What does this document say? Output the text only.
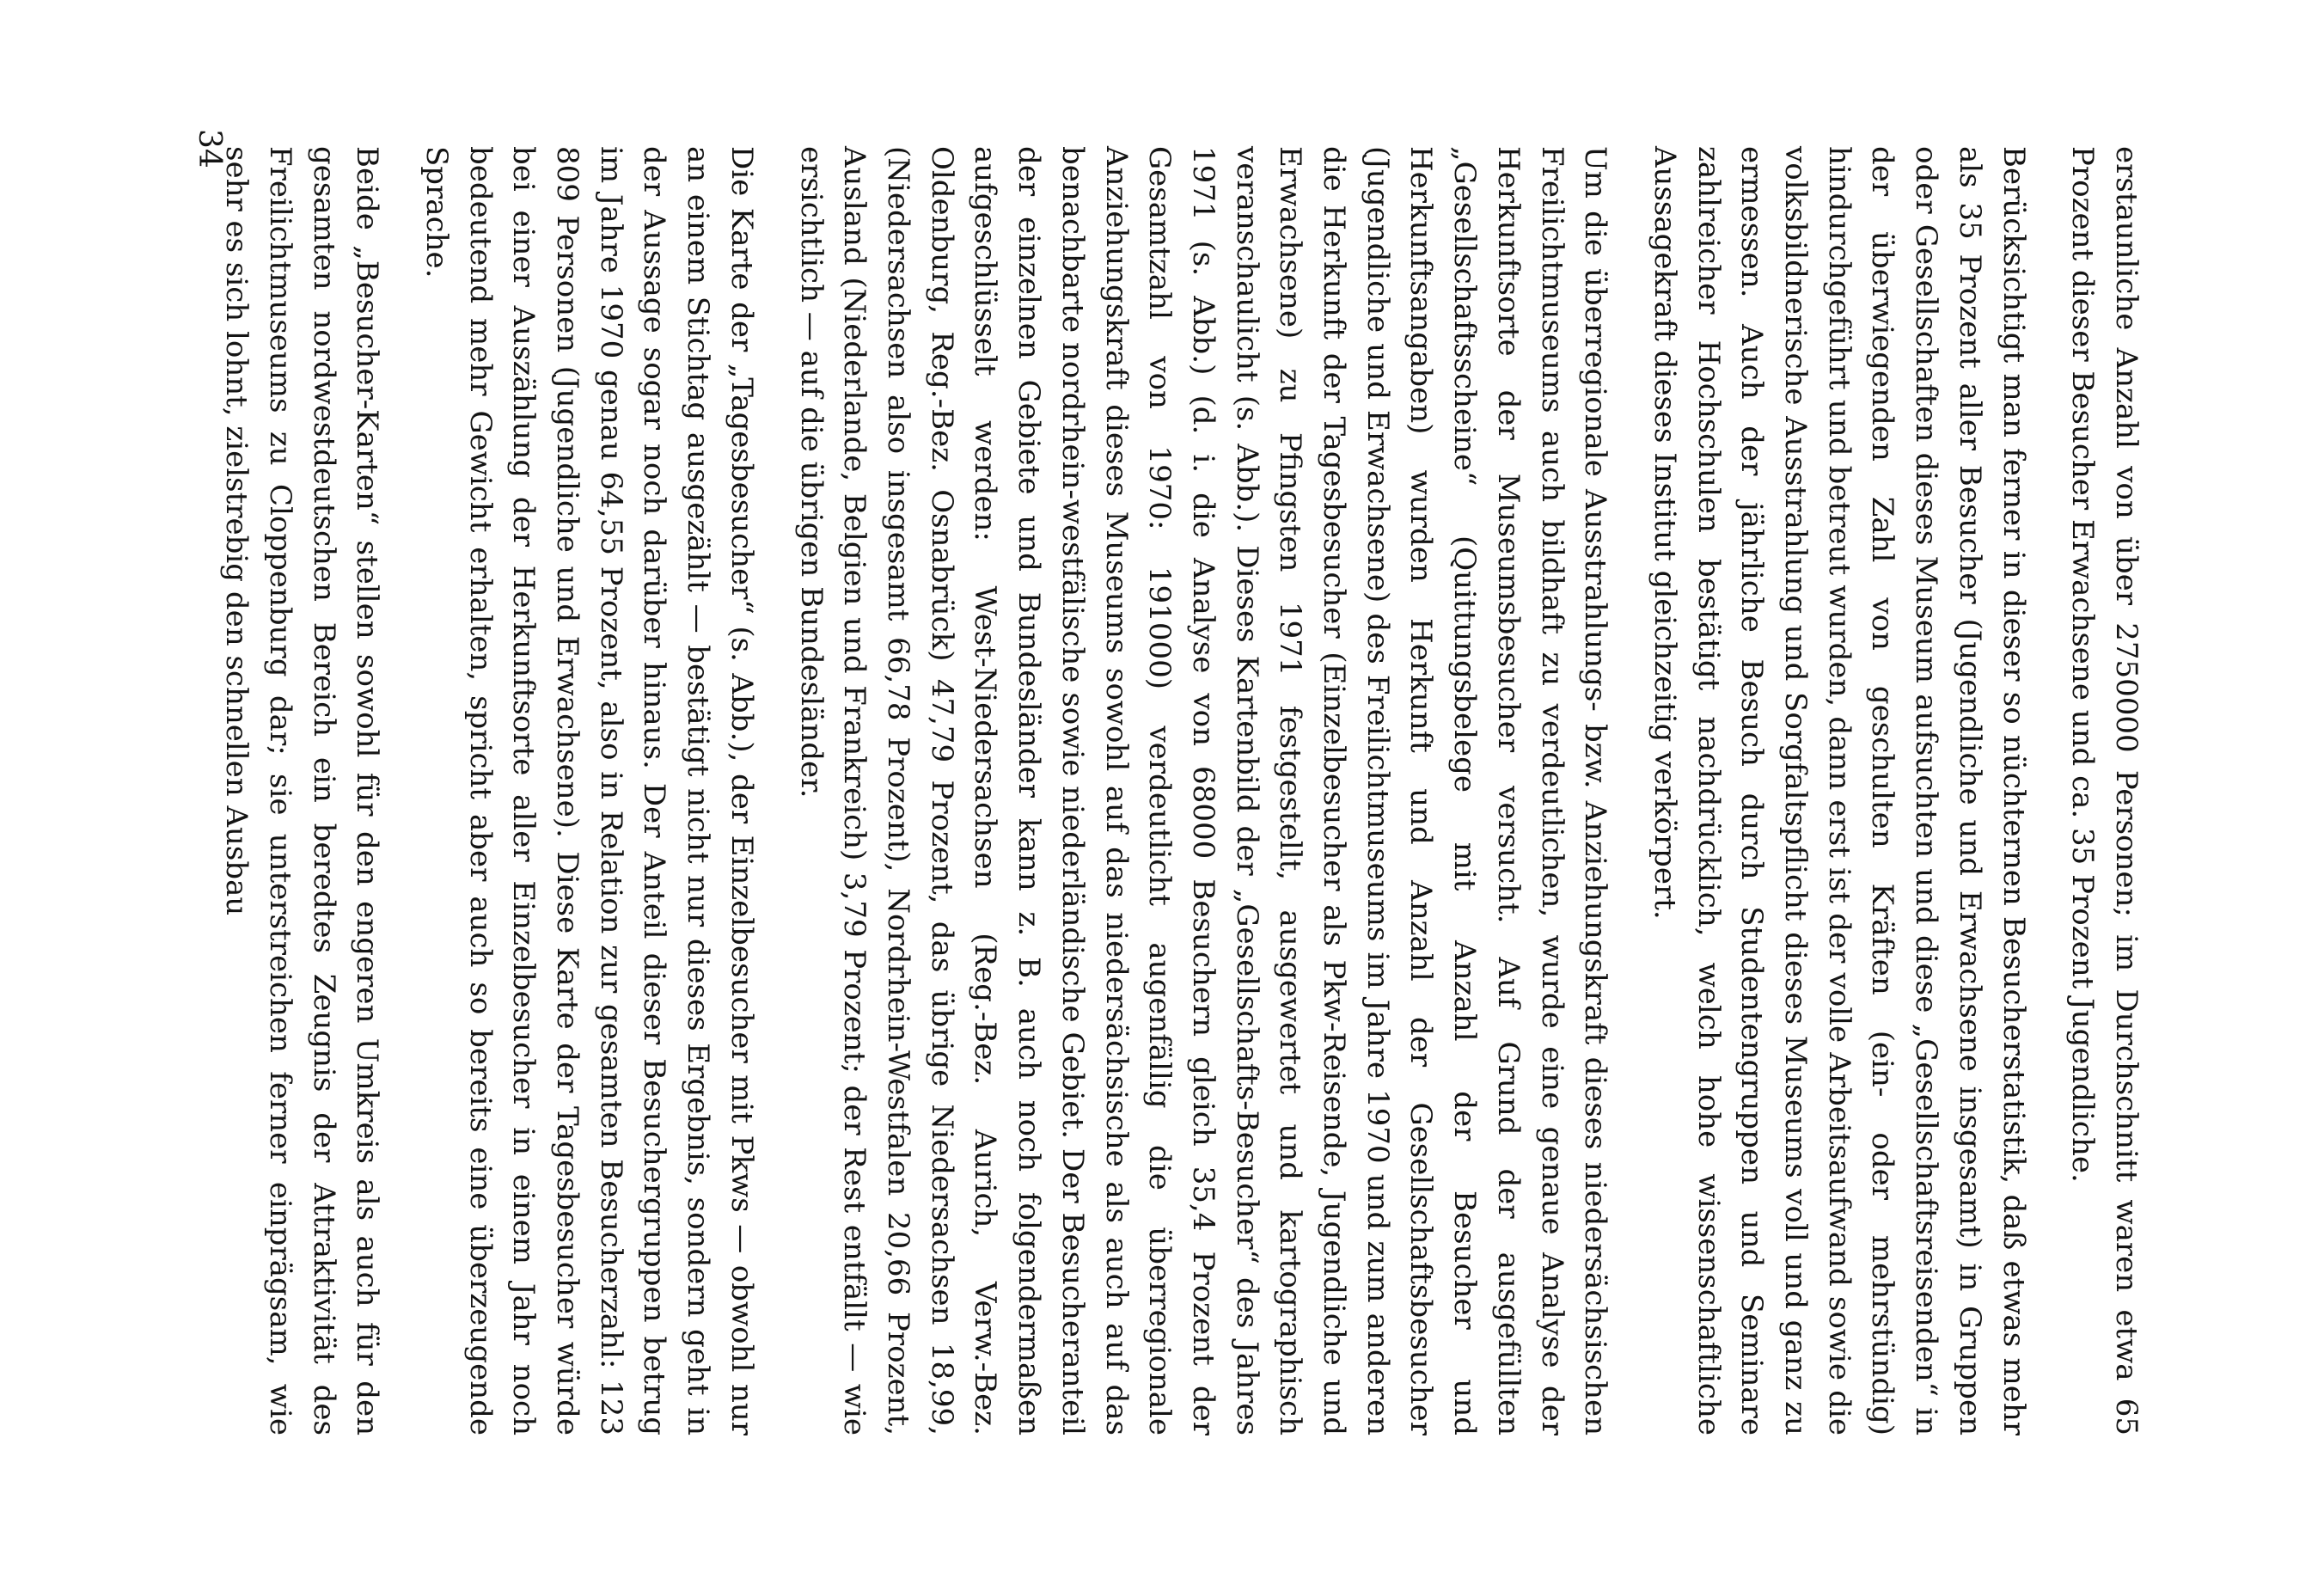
erstaunliche Anzahl von über 2750000 Personen; im Durchschnitt waren etwa 65 Prozent dieser Besucher Erwachsene und ca. 35 Prozent Jugendliche.

Berücksichtigt man ferner in dieser so nüchternen Besucherstatistik, daß etwas mehr als 35 Prozent aller Besucher (Jugendliche und Erwachsene insgesamt) in Gruppen oder Gesellschaften dieses Museum aufsuchten und diese „Gesellschaftsreisenden“ in der überwiegenden Zahl von geschulten Kräften (ein- oder mehrstündig) hindurchgeführt und betreut wurden, dann erst ist der volle Arbeitsaufwand sowie die volksbildnerische Ausstrahlung und Sorgfaltspflicht dieses Museums voll und ganz zu ermessen. Auch der jährliche Besuch durch Studentengruppen und Seminare zahlreicher Hochschulen bestätigt nachdrücklich, welch hohe wissenschaftliche Aussagekraft dieses Institut gleichzeitig verkörpert.

Um die überregionale Ausstrahlungs- bzw. Anziehungskraft dieses niedersächsischen Freilichtmuseums auch bildhaft zu verdeutlichen, wurde eine genaue Analyse der Herkunftsorte der Museumsbesucher versucht. Auf Grund der ausgefüllten „Gesellschaftsscheine“ (Quittungsbelege mit Anzahl der Besucher und Herkunftsangaben) wurden Herkunft und Anzahl der Gesellschaftsbesucher (Jugendliche und Erwachsene) des Freilichtmuseums im Jahre 1970 und zum anderen die Herkunft der Tagesbesucher (Einzelbesucher als Pkw-Reisende, Jugendliche und Erwachsene) zu Pfingsten 1971 festgestellt, ausgewertet und kartographisch veranschaulicht (s. Abb.). Dieses Kartenbild der „Gesellschafts-Besucher“ des Jahres 1971 (s. Abb.) (d. i. die Analyse von 68000 Besuchern gleich 35,4 Prozent der Gesamtzahl von 1970: 191000) verdeutlicht augenfällig die überregionale Anziehungskraft dieses Museums sowohl auf das niedersächsische als auch auf das benachbarte nordrhein-westfälische sowie niederländische Gebiet. Der Besucheranteil der einzelnen Gebiete und Bundesländer kann z. B. auch noch folgendermaßen aufgeschlüsselt werden: West-Niedersachsen (Reg.-Bez. Aurich, Verw.-Bez. Oldenburg, Reg.-Bez. Osnabrück) 47,79 Prozent, das übrige Niedersachsen 18,99, (Niedersachsen also insgesamt 66,78 Prozent), Nordrhein-Westfalen 20,66 Prozent, Ausland (Niederlande, Belgien und Frankreich) 3,79 Prozent; der Rest entfällt — wie ersichtlich — auf die übrigen Bundesländer.

Die Karte der „Tagesbesucher“ (s. Abb.), der Einzelbesucher mit Pkws — obwohl nur an einem Stichtag ausgezählt — bestätigt nicht nur dieses Ergebnis, sondern geht in der Aussage sogar noch darüber hinaus. Der Anteil dieser Besuchergruppen betrug im Jahre 1970 genau 64,55 Prozent, also in Relation zur gesamten Besucherzahl: 123 809 Personen (Jugendliche und Erwachsene). Diese Karte der Tagesbesucher würde bei einer Auszählung der Herkunftsorte aller Einzelbesucher in einem Jahr noch bedeutend mehr Gewicht erhalten, spricht aber auch so bereits eine überzeugende Sprache.

Beide „Besucher-Karten“ stellen sowohl für den engeren Umkreis als auch für den gesamten nordwestdeutschen Bereich ein beredtes Zeugnis der Attraktivität des Freilichtmuseums zu Cloppenburg dar; sie unterstreichen ferner einprägsam, wie sehr es sich lohnt, zielstrebig den schnellen Ausbau

34
